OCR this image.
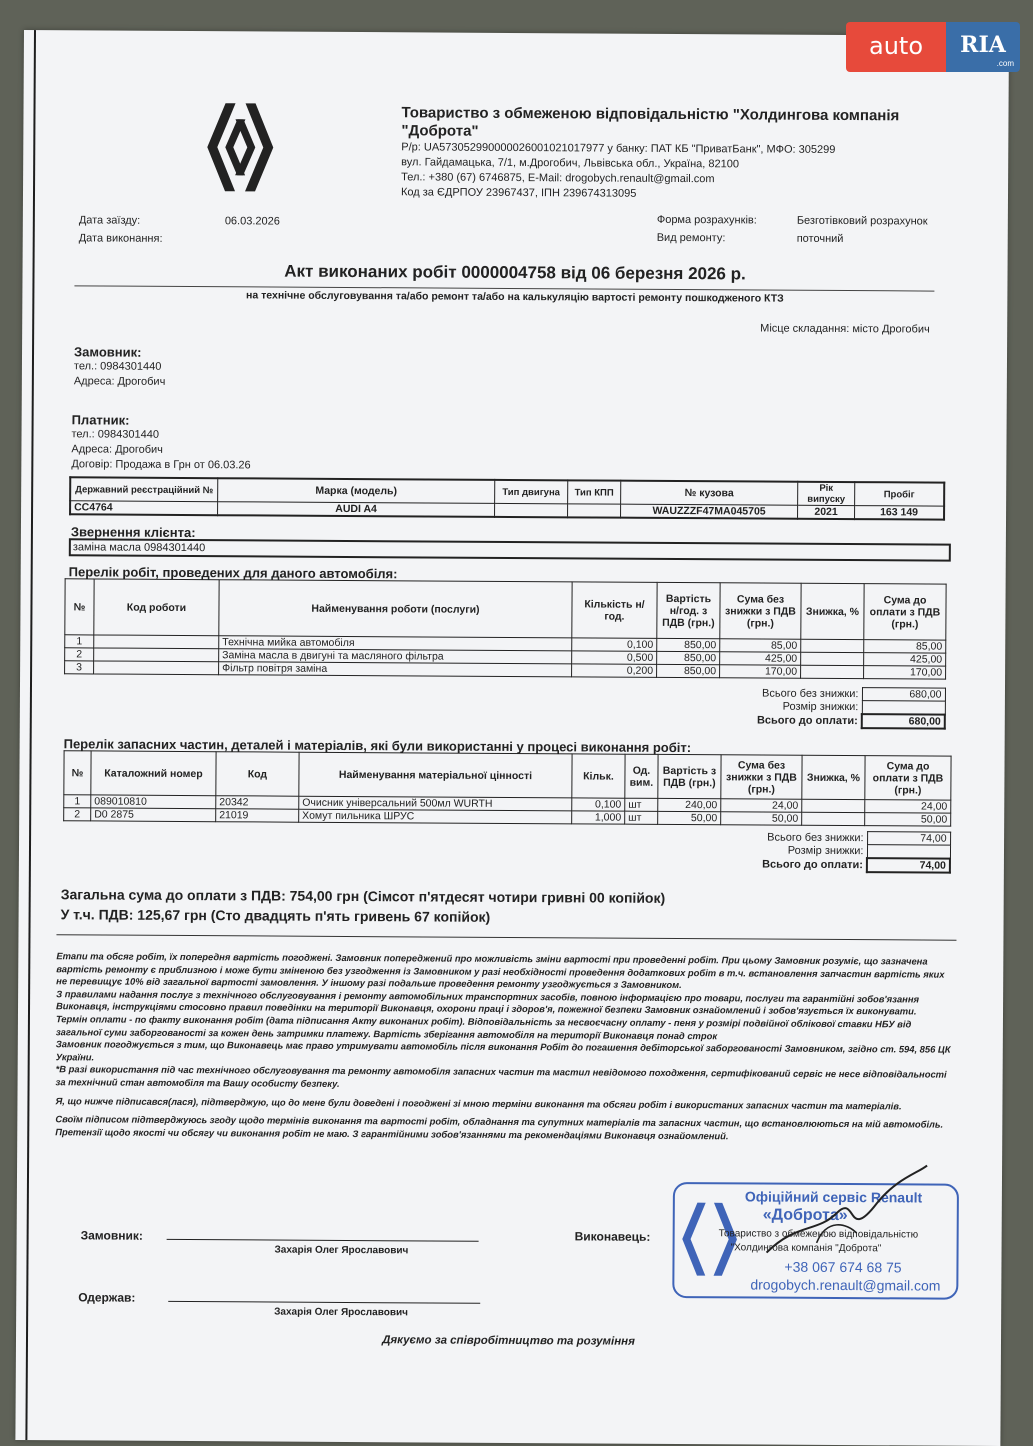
Товариство з обмеженою відповідальністю "Холдингова компанія "Доброта"
Р/р: UA573052990000026001021017977 у банку: ПАТ КБ "ПриватБанк", МФО: 305299
вул. Гайдамацька, 7/1, м.Дрогобич, Львівська обл., Україна, 82100
Тел.: +380 (67) 6746875, E-Mail: drogobych.renault@gmail.com
Код за ЄДРПОУ 23967437, ІПН 239674313095
Дата заїзду:	06.03.2026
Дата виконання:
Форма розрахунків:	Безготівковий розрахунок
Вид ремонту:	поточний
Акт виконаних робіт 0000004758 від 06 березня 2026 р.
на технічне обслуговування та/або ремонт та/або на калькуляцію вартості ремонту пошкодженого КТЗ
Місце складання: місто Дрогобич
Замовник:
тел.: 0984301440
Адреса: Дрогобич
Платник:
тел.: 0984301440
Адреса: Дрогобич
Договір: Продажа в Грн от 06.03.26
Державний реєстраційний №	Марка (модель)	Тип двигуна	Тип КПП	№ кузова	Рік випуску	Пробіг
СС4764	AUDI A4			WAUZZZF47MA045705	2021	163 149
Звернення клієнта:
заміна масла 0984301440
Перелік робіт, проведених для даного автомобіля:
№	Код роботи	Найменування роботи (послуги)	Кількість н/год.	Вартість н/год. з ПДВ (грн.)	Сума без знижки з ПДВ (грн.)	Знижка, %	Сума до оплати з ПДВ (грн.)
1		Технічна мийка автомобіля	0,100	850,00	85,00		85,00
2		Заміна масла в двигуні та масляного фільтра	0,500	850,00	425,00		425,00
3		Фільтр повітря заміна	0,200	850,00	170,00		170,00
Всього без знижки:	680,00
Розмір знижки:	
Всього до оплати:	680,00
Перелік запасних частин, деталей і матеріалів, які були використанні у процесі виконання робіт:
№	Каталожний номер	Код	Найменування матеріальної цінності	Кільк.	Од. вим.	Вартість з ПДВ (грн.)	Сума без знижки з ПДВ (грн.)	Знижка, %	Сума до оплати з ПДВ (грн.)
1	089010810	20342	Очисник універсальний 500мл WURTH	0,100	шт	240,00	24,00		24,00
2	D0 2875	21019	Хомут пильника ШРУС	1,000	шт	50,00	50,00		50,00
Всього без знижки:	74,00
Розмір знижки:	
Всього до оплати:	74,00
Загальна сума до оплати з ПДВ: 754,00 грн (Сімсот п'ятдесят чотири гривні 00 копійок)
У т.ч. ПДВ: 125,67 грн (Сто двадцять п'ять гривень 67 копійок)

Етапи та обсяг робіт, їх попередня вартість погоджені. Замовник попереджений про можливість зміни вартості при проведенні робіт. При цьому Замовник розуміє, що зазначена вартість ремонту є приблизною і може бути зміненою без узгодження із Замовником у разі необхідності проведення додаткових робіт в т.ч. встановлення запчастин вартість яких не перевищує 10% від загальної вартості замовлення. У іншому разі подальше проведення ремонту узгоджується з Замовником.

З правилами надання послуг з технічного обслуговування і ремонту автомобільних транспортних засобів, повною інформацією про товари, послуги та гарантійні зобов'язання Виконавця, інструкціями стосовно правил поведінки на території Виконавця, охорони праці і здоров'я, пожежної безпеки Замовник ознайомлений і зобов'язується їх виконувати.

Термін оплати - по факту виконання робіт (дата підписання Акту виконаних робіт). Відповідальність за несвоєчасну оплату - пеня у розмірі подвійної облікової ставки НБУ від загальної суми заборгованості за кожен день затримки платежу. Вартість зберігання автомобіля на території Виконавця понад строк

Замовник погоджується з тим, що Виконавець має право утримувати автомобіль після виконання Робіт до погашення дебіторської заборгованості Замовником, згідно ст. 594, 856 ЦК України.

*В разі використання під час технічного обслуговування та ремонту автомобіля запасних частин та мастил невідомого походження, сертифікований сервіс не несе відповідальності за технічний стан автомобіля та Вашу особисту безпеку.

Я, що нижче підписався(лася), підтверджую, що до мене були доведені і погоджені зі мною терміни виконання та обсяги робіт і використаних запасних частин та матеріалів.

Своїм підписом підтверджуюсь згоду щодо термінів виконання та вартості робіт, обладнання та супутних матеріалів та запасних частин, що встановлюються на мій автомобіль. Претензії щодо якості чи обсягу чи виконання робіт не маю. З гарантійними зобов'язаннями та рекомендаціями Виконавця ознайомлений.

Замовник:
Захарія Олег Ярославович
Виконавець:
Одержав:
Захарія Олег Ярославович
Офіційний сервіс Renault
«Доброта»
Товариство з обмеженою відповідальністю
"Холдингова компанія "Доброта"
+38 067 674 68 75
drogobych.renault@gmail.com
Дякуємо за співробітництво та розуміння
auto	RIA
.com
